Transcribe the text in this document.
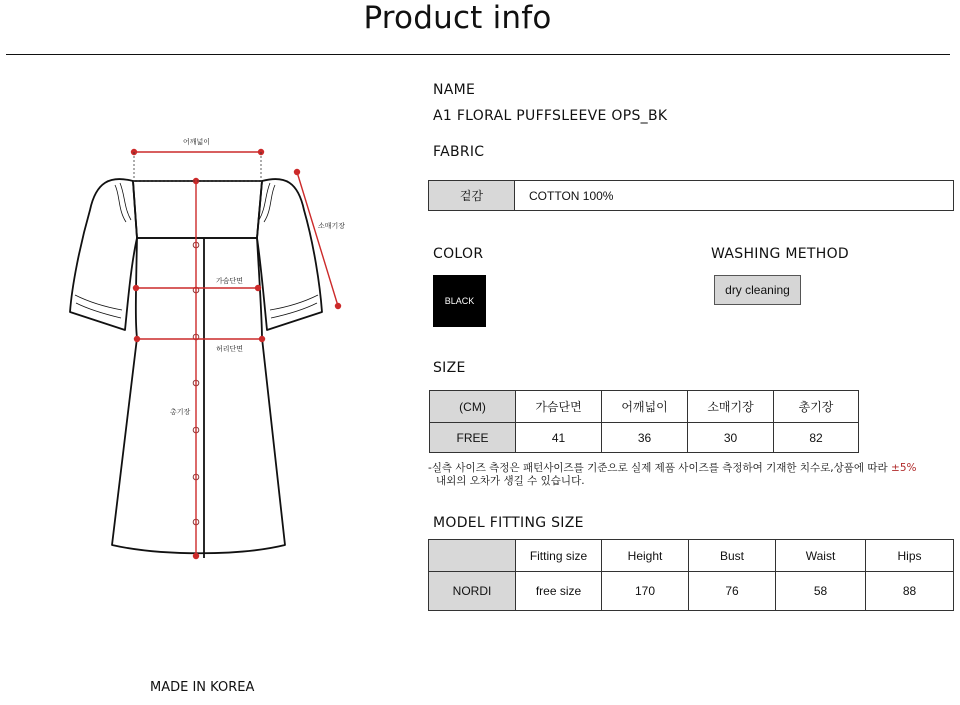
Product info
어깨넓이
소매기장
가슴단면
허리단면
총기장
NAME
A1 FLORAL PUFFSLEEVE OPS_BK
FABRIC
겉감	COTTON 100%
COLOR
BLACK
WASHING METHOD
dry cleaning
SIZE
(CM)	가슴단면	어깨넓이	소매기장	총기장
FREE	41	36	30	82
-실측 사이즈 측정은 패턴사이즈를 기준으로 실제 제품 사이즈를 측정하여 기재한 치수로,상품에 따라 ±5%
내외의 오차가 생길 수 있습니다.
MODEL FITTING SIZE
	Fitting size	Height	Bust	Waist	Hips
NORDI	free size	170	76	58	88
MADE IN KOREA
